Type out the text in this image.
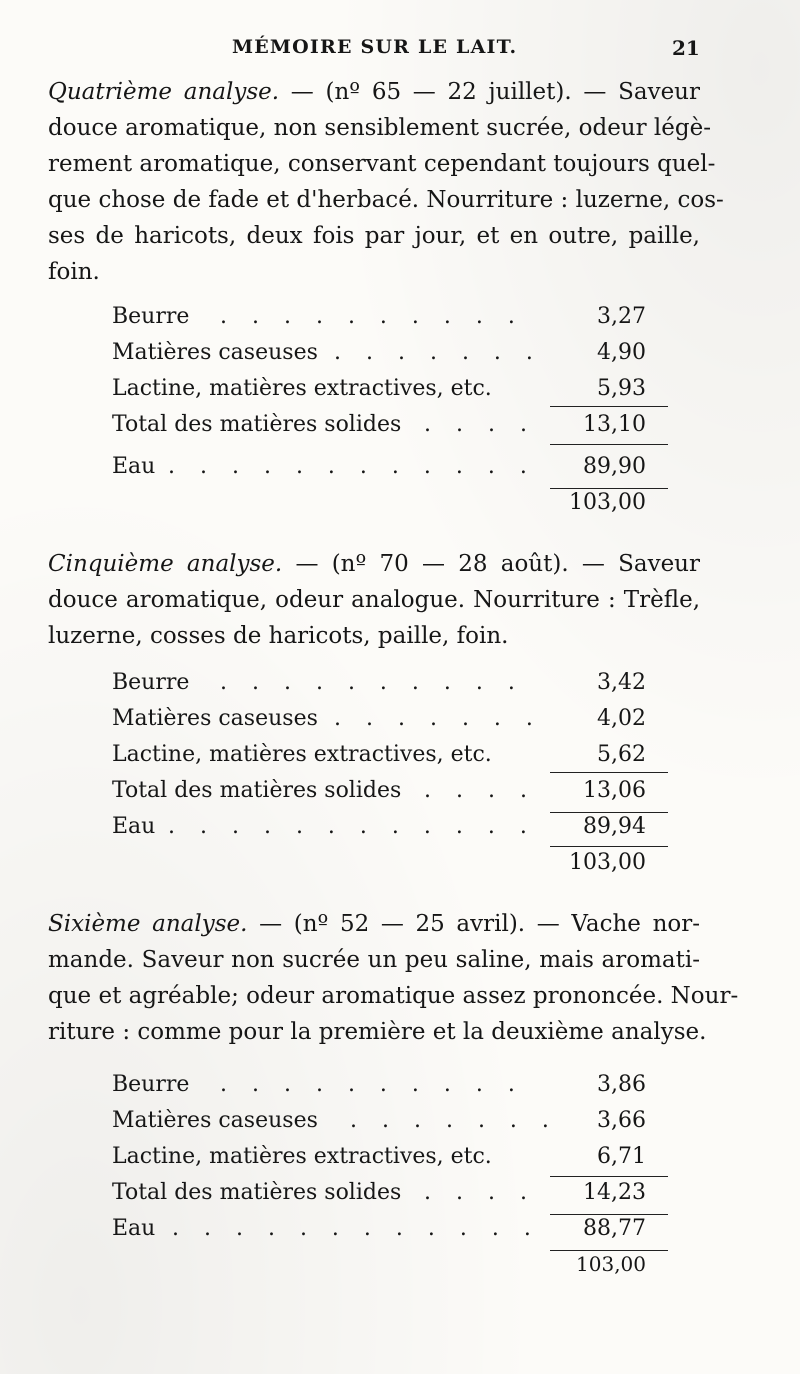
MÉMOIRE SUR LE LAIT.	21
Quatrième analyse. — (nº 65 — 22 juillet). — Saveur
douce aromatique, non sensiblement sucrée, odeur légè-
rement aromatique, conservant cependant toujours quel-
que chose de fade et d'herbacé. Nourriture : luzerne, cos-
ses de haricots, deux fois par jour, et en outre, paille,
foin.
Beurre . . . . . . . . . .	3,27
Matières caseuses . . . . . . .	4,90
Lactine, matières extractives, etc.	5,93
Total des matières solides . . . . 13,10
Eau . . . . . . . . . . . . 89,90
103,00
Cinquième analyse. — (nº 70 — 28 août). — Saveur
douce aromatique, odeur analogue. Nourriture : Trèfle,
luzerne, cosses de haricots, paille, foin.
Beurre . . . . . . . . . .	3,42
Matières caseuses . . . . . . .	4,02
Lactine, matières extractives, etc.	5,62
Total des matières solides . . . . 13,06
Eau . . . . . . . . . . . . 89,94
103,00
Sixième analyse. — (nº 52 — 25 avril). — Vache nor-
mande. Saveur non sucrée un peu saline, mais aromati-
que et agréable; odeur aromatique assez prononcée. Nour-
riture : comme pour la première et la deuxième analyse.
Beurre . . . . . . . . . .	3,86
Matières caseuses . . . . . . . 3,66
Lactine, matières extractives, etc.	6,71
Total des matières solides . . . . 14,23
Eau . . . . . . . . . . . . 88,77
103,00
